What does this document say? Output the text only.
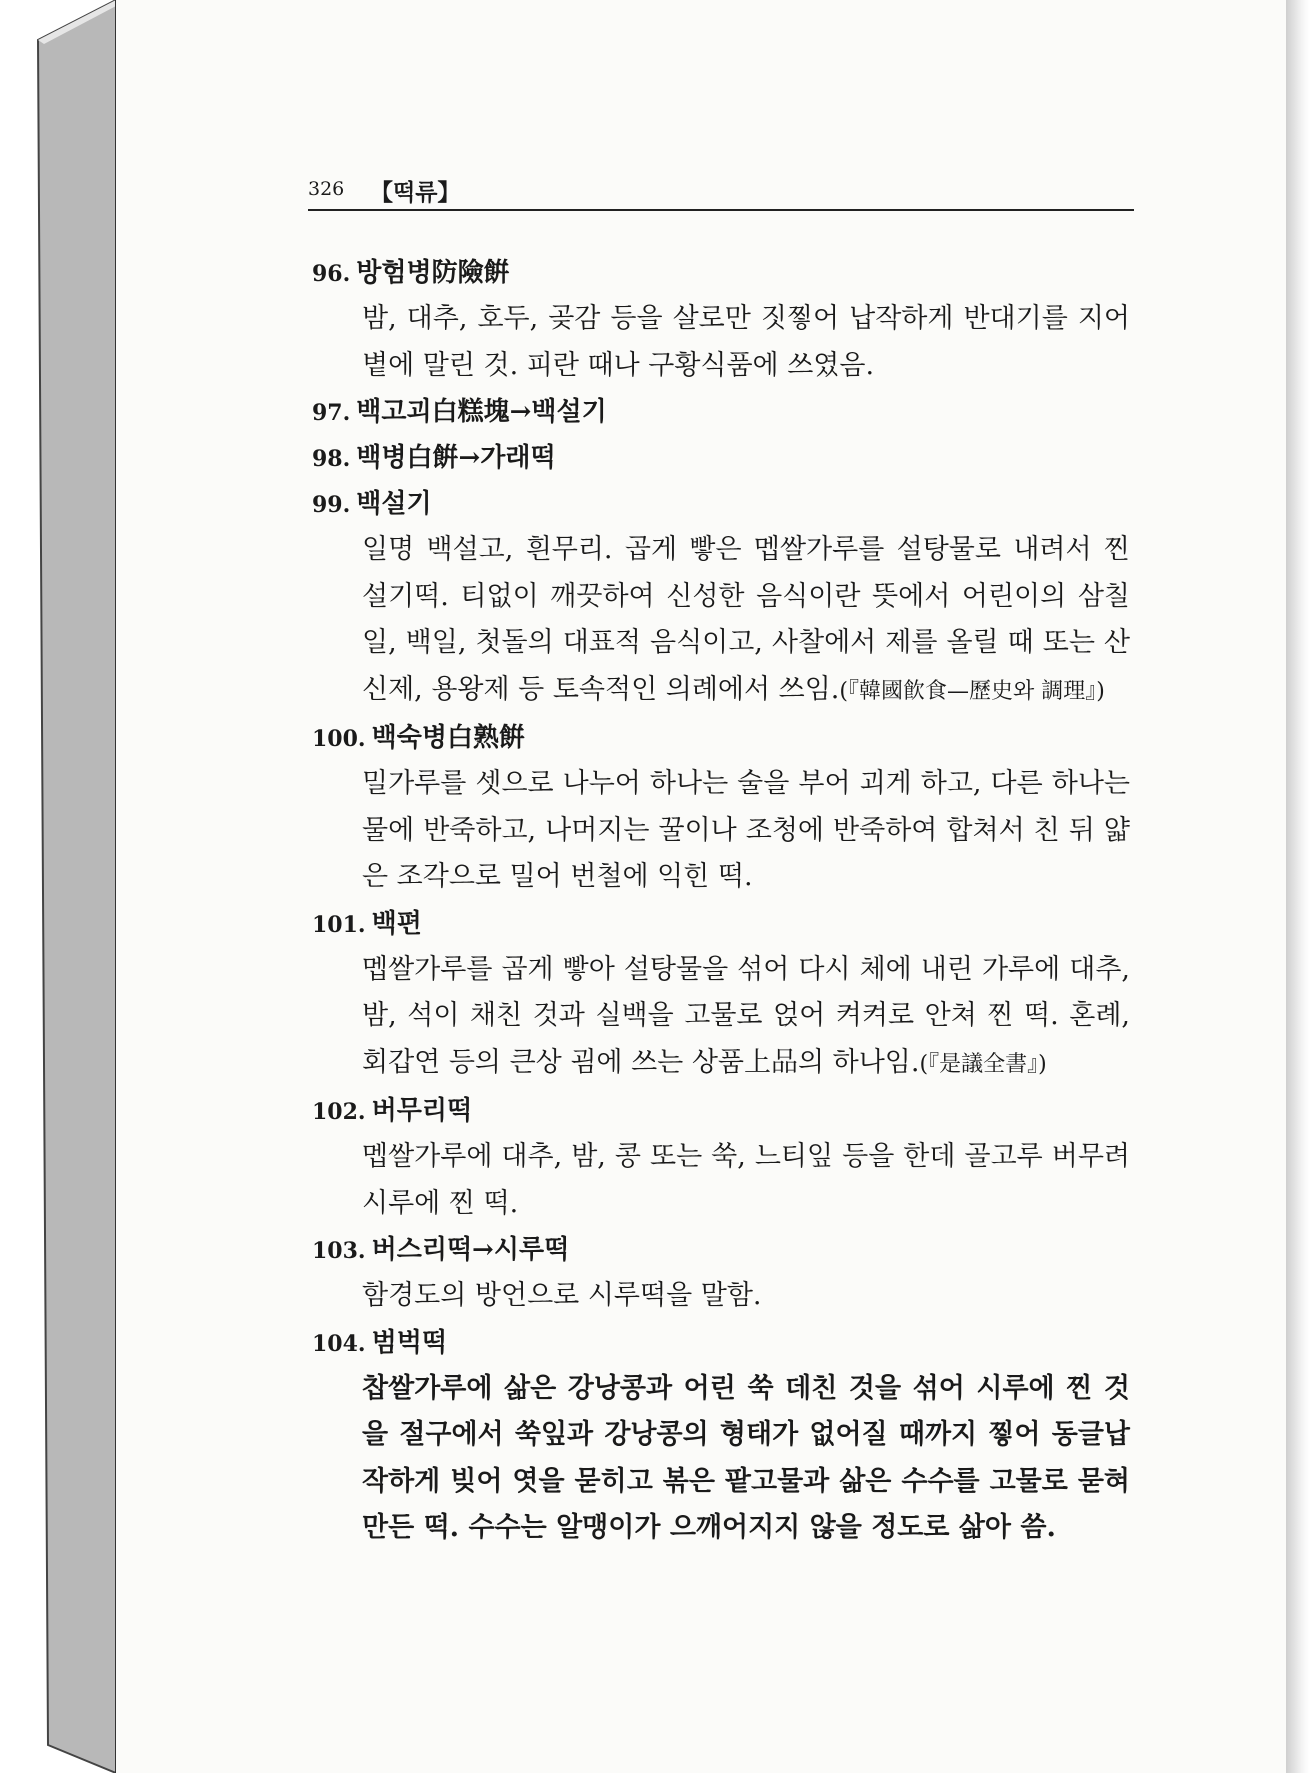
326 【떡류】
96. 방험병防險餠
밤, 대추, 호두, 곶감 등을 살로만 짓찧어 납작하게 반대기를 지어 볕에 말린 것. 피란 때나 구황식품에 쓰였음.
97. 백고괴白糕塊→백설기
98. 백병白餠→가래떡
99. 백설기
일명 백설고, 흰무리. 곱게 빻은 멥쌀가루를 설탕물로 내려서 찐 설기떡. 티없이 깨끗하여 신성한 음식이란 뜻에서 어린이의 삼칠일, 백일, 첫돌의 대표적 음식이고, 사찰에서 제를 올릴 때 또는 산신제, 용왕제 등 토속적인 의례에서 쓰임.(『韓國飮食—歷史와 調理』)
100. 백숙병白熟餠
밀가루를 셋으로 나누어 하나는 술을 부어 괴게 하고, 다른 하나는 물에 반죽하고, 나머지는 꿀이나 조청에 반죽하여 합쳐서 친 뒤 얇은 조각으로 밀어 번철에 익힌 떡.
101. 백편
멥쌀가루를 곱게 빻아 설탕물을 섞어 다시 체에 내린 가루에 대추, 밤, 석이 채친 것과 실백을 고물로 얹어 켜켜로 안쳐 찐 떡. 혼례, 회갑연 등의 큰상 굄에 쓰는 상품上品의 하나임.(『是議全書』)
102. 버무리떡
멥쌀가루에 대추, 밤, 콩 또는 쑥, 느티잎 등을 한데 골고루 버무려 시루에 찐 떡.
103. 버스리떡→시루떡
함경도의 방언으로 시루떡을 말함.
104. 범벅떡
찹쌀가루에 삶은 강낭콩과 어린 쑥 데친 것을 섞어 시루에 찐 것을 절구에서 쑥잎과 강낭콩의 형태가 없어질 때까지 찧어 동글납작하게 빚어 엿을 묻히고 볶은 팥고물과 삶은 수수를 고물로 묻혀 만든 떡. 수수는 알맹이가 으깨어지지 않을 정도로 삶아 씀.
